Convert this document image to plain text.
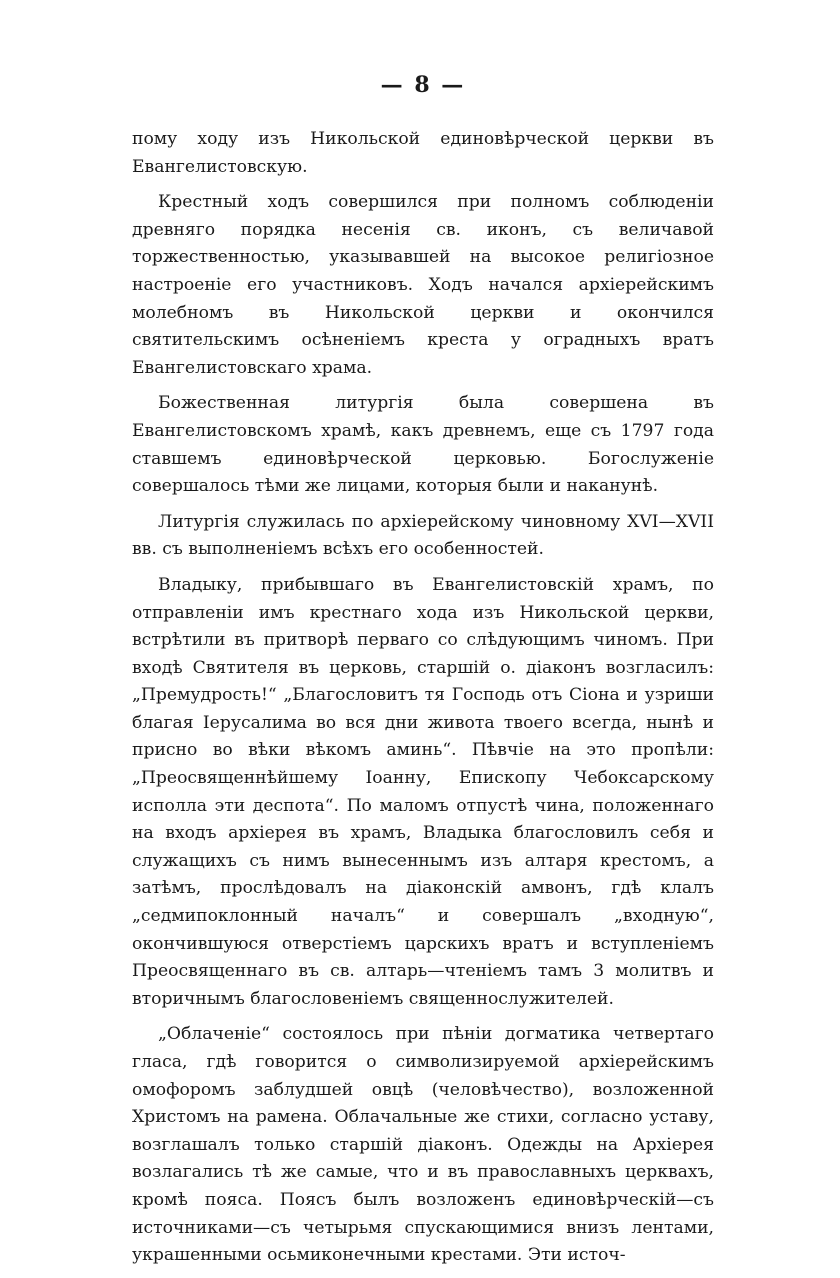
— 8 —

пому ходу изъ Никольской единовѣрческой церкви въ Евангелистовскую.

Крестный ходъ совершился при полномъ соблюденіи древняго порядка несенія св. иконъ, съ величавой торжественностью, указывавшей на высокое религіозное настроеніе его участниковъ. Ходъ начался архіерейскимъ молебномъ въ Никольской церкви и окончился святительскимъ осѣненіемъ креста у оградныхъ вратъ Евангелистовскаго храма.

Божественная литургія была совершена въ Евангелистовскомъ храмѣ, какъ древнемъ, еще съ 1797 года ставшемъ единовѣрческой церковью. Богослуженіе совершалось тѣми же лицами, которыя были и наканунѣ.

Литургія служилась по архіерейскому чиновному XVI—XVII вв. съ выполненіемъ всѣхъ его особенностей.

Владыку, прибывшаго въ Евангелистовскій храмъ, по отправленіи имъ крестнаго хода изъ Никольской церкви, встрѣтили въ притворѣ перваго со слѣдующимъ чиномъ. При входѣ Святителя въ церковь, старшій о. діаконъ возгласилъ: „Премудрость!“ „Благословитъ тя Господь отъ Сіона и узриши благая Іерусалима во вся дни живота твоего всегда, нынѣ и присно во вѣки вѣкомъ аминь“. Пѣвчіе на это пропѣли: „Преосвященнѣйшему Іоанну, Епископу Чебоксарскому исполла эти деспота“. По маломъ отпустѣ чина, положеннаго на входъ архіерея въ храмъ, Владыка благословилъ себя и служащихъ съ нимъ вынесеннымъ изъ алтаря крестомъ, а затѣмъ, прослѣдовалъ на діаконскій амвонъ, гдѣ клалъ „седмипоклонный началъ“ и совершалъ „входную“, окончившуюся отверстіемъ царскихъ вратъ и вступленіемъ Преосвященнаго въ св. алтарь—чтеніемъ тамъ 3 молитвъ и вторичнымъ благословеніемъ священнослужителей.

„Облаченіе“ состоялось при пѣніи догматика четвертаго гласа, гдѣ говорится о символизируемой архіерейскимъ омофоромъ заблудшей овцѣ (человѣчество), возложенной Христомъ на рамена. Облачальные же стихи, согласно уставу, возглашалъ только старшій діаконъ. Одежды на Архіерея возлагались тѣ же самые, что и въ православныхъ церквахъ, кромѣ пояса. Поясъ былъ возложенъ единовѣрческій—съ источниками—съ четырьмя спускающимися внизъ лентами, украшенными осьмиконечными крестами. Эти источ-
